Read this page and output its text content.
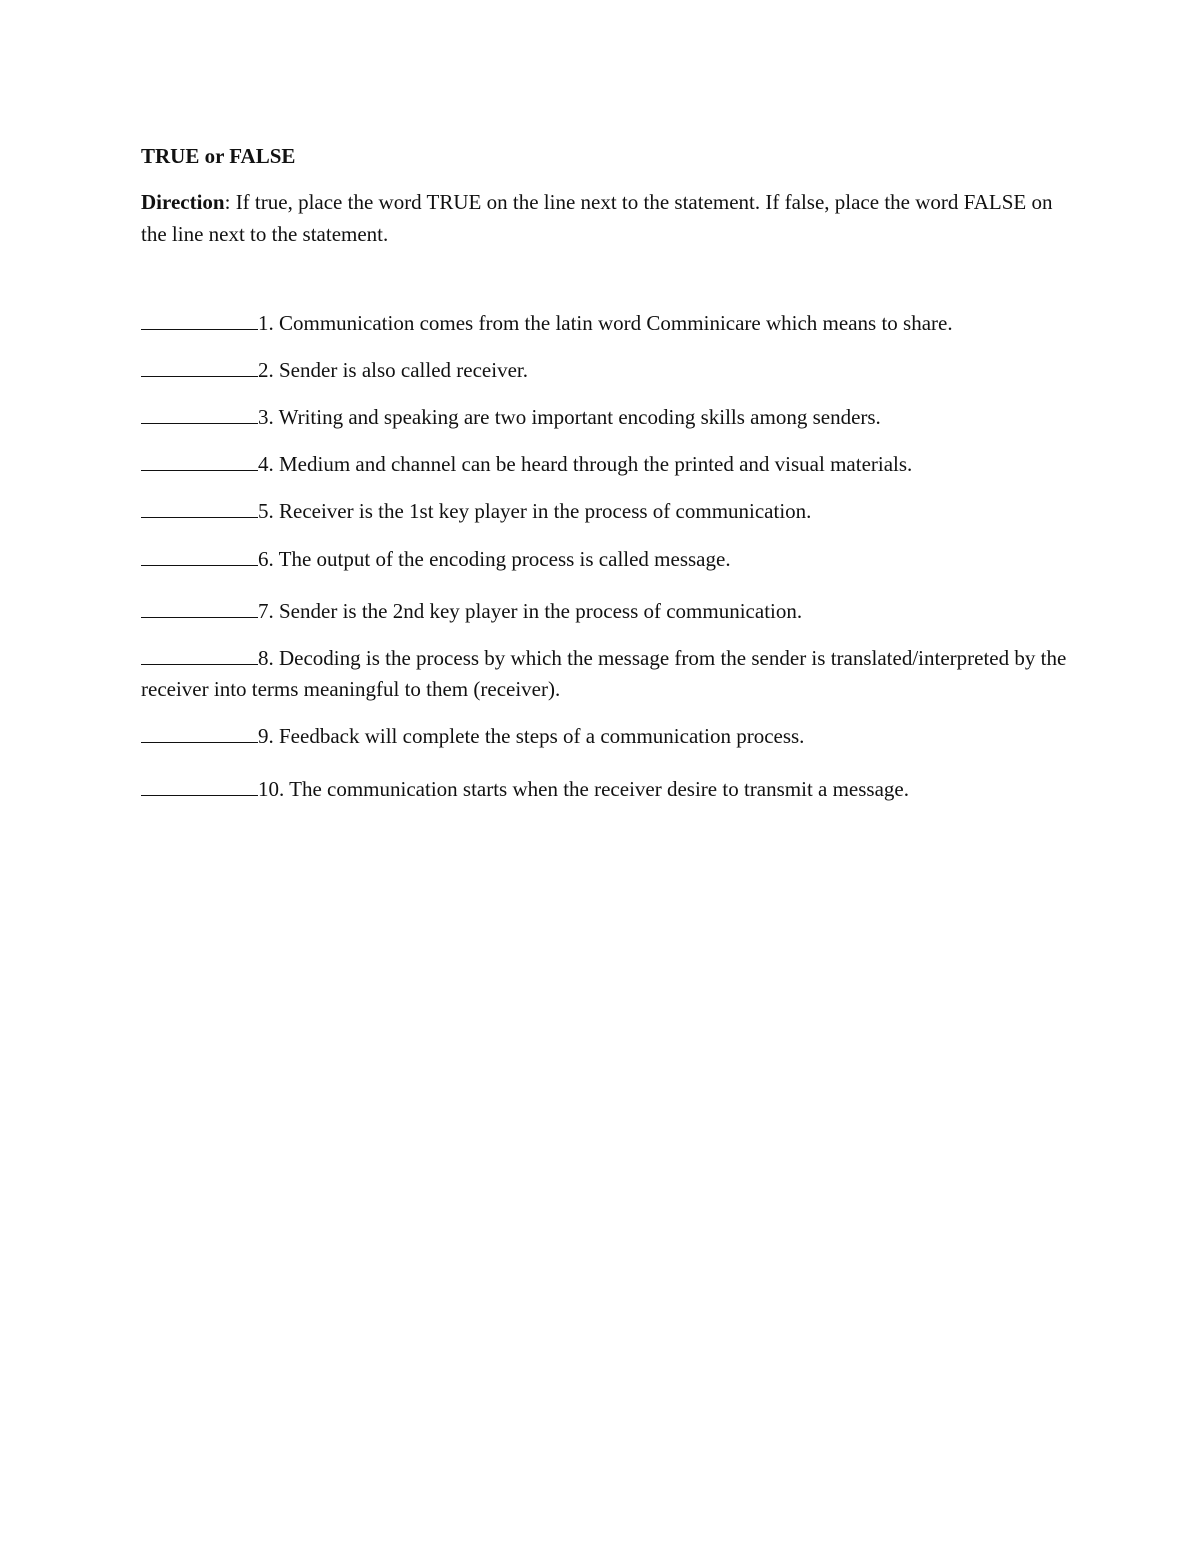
TRUE or FALSE

Direction: If true, place the word TRUE on the line next to the statement. If false, place the word FALSE on the line next to the statement.

1. Communication comes from the latin word Comminicare which means to share.

2. Sender is also called receiver.

3. Writing and speaking are two important encoding skills among senders.

4. Medium and channel can be heard through the printed and visual materials.

5. Receiver is the 1st key player in the process of communication.

6. The output of the encoding process is called message.

7. Sender is the 2nd key player in the process of communication.

8. Decoding is the process by which the message from the sender is translated/interpreted by the receiver into terms meaningful to them (receiver).

9. Feedback will complete the steps of a communication process.

10. The communication starts when the receiver desire to transmit a message.
